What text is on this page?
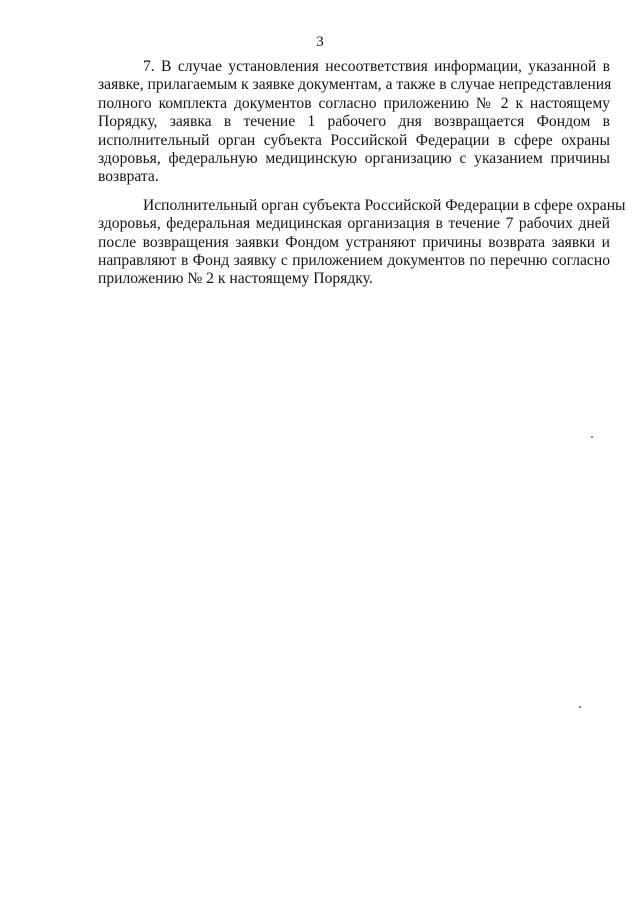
3
7. В случае установления несоответствия информации, указанной в
заявке, прилагаемым к заявке документам, а также в случае непредставления
полного комплекта документов согласно приложению № 2 к настоящему
Порядку, заявка в течение 1 рабочего дня возвращается Фондом в
исполнительный орган субъекта Российской Федерации в сфере охраны
здоровья, федеральную медицинскую организацию с указанием причины
возврата.
Исполнительный орган субъекта Российской Федерации в сфере охраны
здоровья, федеральная медицинская организация в течение 7 рабочих дней
после возвращения заявки Фондом устраняют причины возврата заявки и
направляют в Фонд заявку с приложением документов по перечню согласно
приложению № 2 к настоящему Порядку.
